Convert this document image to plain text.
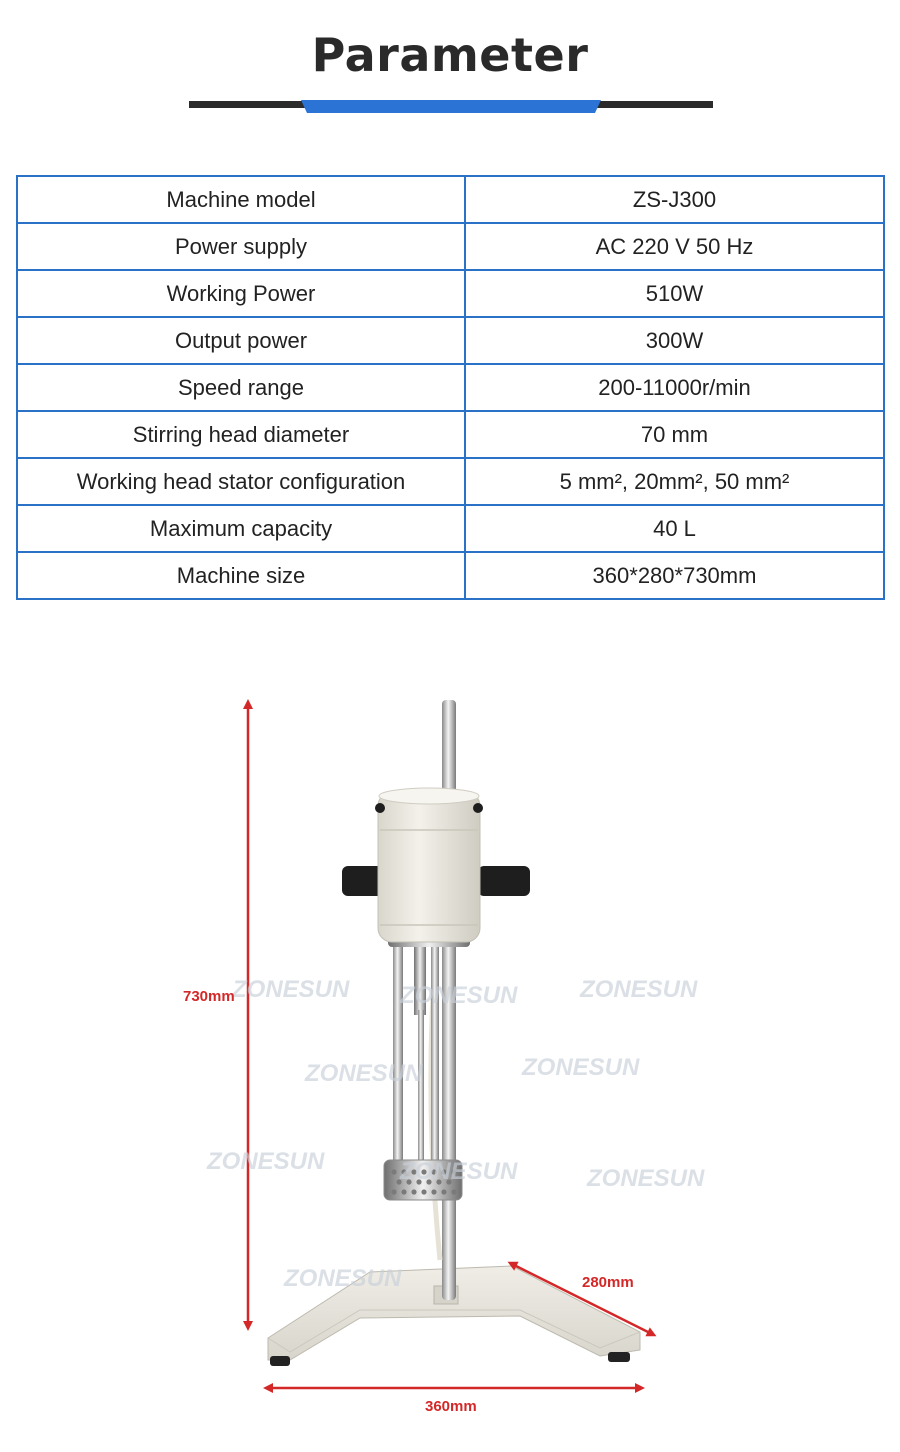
Parameter
Machine model	ZS-J300
Power supply	AC 220 V 50 Hz
Working Power	510W
Output power	300W
Speed range	200-11000r/min
Stirring head diameter	70 mm
Working head stator configuration	5 mm², 20mm², 50 mm²
Maximum capacity	40 L
Machine size	360*280*730mm
ZONESUN ZONESUN	ZONESUN
ZONESUN	ZONESUN
ZONESUN	ZONESUN	ZONESUN
ZONESUN
730mm
280mm
360mm
